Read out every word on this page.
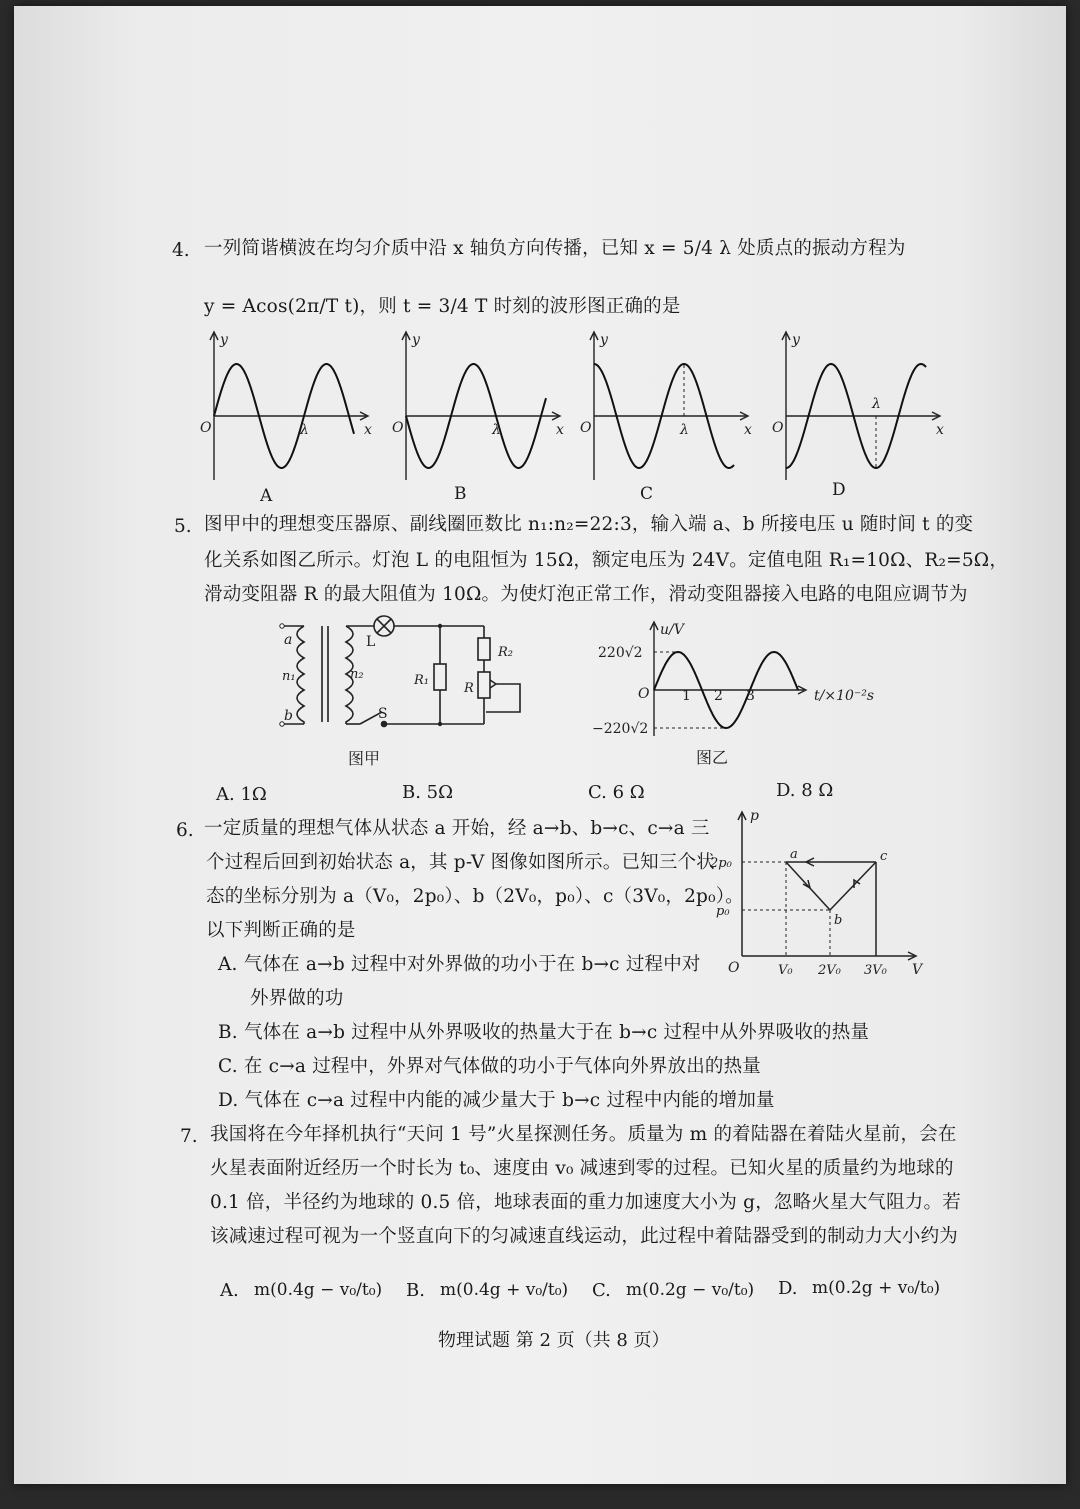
4. 一列简谐横波在均匀介质中沿 x 轴负方向传播，已知 x = 5/4 λ 处质点的振动方程为
y = Acos(2π/T t)，则 t = 3/4 T 时刻的波形图正确的是
y
x
O	λ
y
x
O	λ
y
x
O	λ
y
x
O
λ
A	B	C	D
5. 图甲中的理想变压器原、副线圈匝数比 n₁:n₂=22:3，输入端 a、b 所接电压 u 随时间 t 的变
化关系如图乙所示。灯泡 L 的电阻恒为 15Ω，额定电压为 24V。定值电阻 R₁=10Ω、R₂=5Ω，
滑动变阻器 R 的最大阻值为 10Ω。为使灯泡正常工作，滑动变阻器接入电路的电阻应调节为
a
b
n₁	n₂
L
S
R₁
R₂
R
图甲
u/V
t/×10⁻²s
220√2
−220√2
O 1 2 3
图乙
A. 1Ω	B. 5Ω	C. 6 Ω	D. 8 Ω
6. 一定质量的理想气体从状态 a 开始，经 a→b、b→c、c→a 三
个过程后回到初始状态 a，其 p-V 图像如图所示。已知三个状
态的坐标分别为 a（V₀，2p₀）、b（2V₀，p₀）、c（3V₀，2p₀）。
以下判断正确的是
A. 气体在 a→b 过程中对外界做的功小于在 b→c 过程中对
外界做的功
B. 气体在 a→b 过程中从外界吸收的热量大于在 b→c 过程中从外界吸收的热量
C. 在 c→a 过程中，外界对气体做的功小于气体向外界放出的热量
D. 气体在 c→a 过程中内能的减少量大于 b→c 过程中内能的增加量
p
V
O
2p₀
p₀
V₀ 2V₀ 3V₀
a
b
c
7. 我国将在今年择机执行“天问 1 号”火星探测任务。质量为 m 的着陆器在着陆火星前，会在
火星表面附近经历一个时长为 t₀、速度由 v₀ 减速到零的过程。已知火星的质量约为地球的
0.1 倍，半径约为地球的 0.5 倍，地球表面的重力加速度大小为 g，忽略火星大气阻力。若
该减速过程可视为一个竖直向下的匀减速直线运动，此过程中着陆器受到的制动力大小约为
A. m(0.4g − v₀/t₀) B. m(0.4g + v₀/t₀) C. m(0.2g − v₀/t₀) D. m(0.2g + v₀/t₀)
物理试题 第 2 页（共 8 页）
